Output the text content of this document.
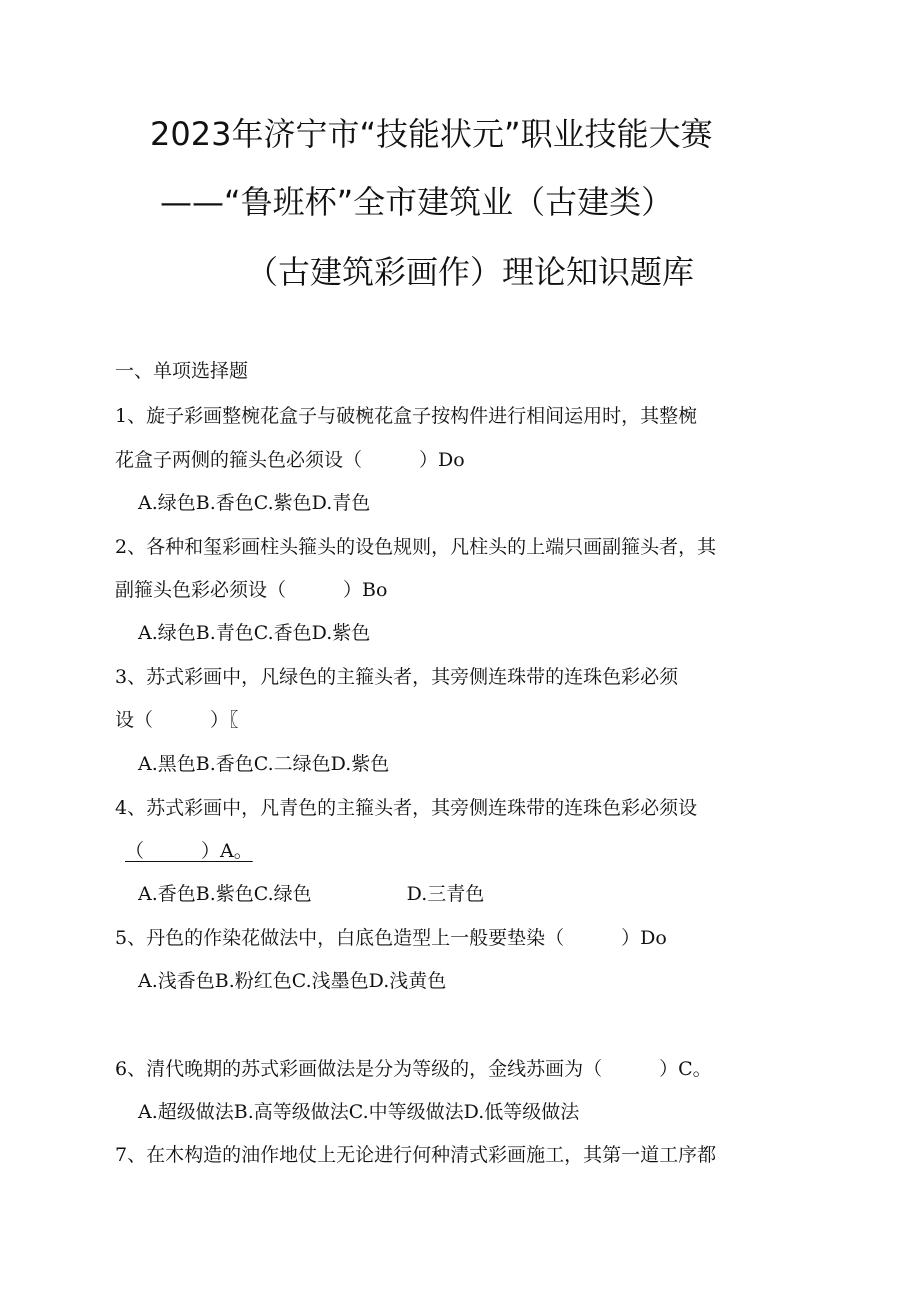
2023年济宁市“技能状元”职业技能大赛
——“鲁班杯”全市建筑业（古建类）
（古建筑彩画作）理论知识题库
一、单项选择题
1、旋子彩画整椀花盒子与破椀花盒子按构件进行相间运用时，其整椀
花盒子两侧的箍头色必须设（　　　）Do
A.绿色B.香色C.紫色D.青色
2、各种和玺彩画柱头箍头的设色规则，凡柱头的上端只画副箍头者，其
副箍头色彩必须设（　　　）Bo
A.绿色B.青色C.香色D.紫色
3、苏式彩画中，凡绿色的主箍头者，其旁侧连珠带的连珠色彩必须
设（　　　）〖
A.黑色B.香色C.二绿色D.紫色
4、苏式彩画中，凡青色的主箍头者，其旁侧连珠带的连珠色彩必须设
（　　　）A。
A.香色B.紫色C.绿色　　　　　D.三青色
5、丹色的作染花做法中，白底色造型上一般要垫染（　　　）Do
A.浅香色B.粉红色C.浅墨色D.浅黄色
6、清代晚期的苏式彩画做法是分为等级的，金线苏画为（　　　）C。
A.超级做法B.高等级做法C.中等级做法D.低等级做法
7、在木构造的油作地仗上无论进行何种清式彩画施工，其第一道工序都
